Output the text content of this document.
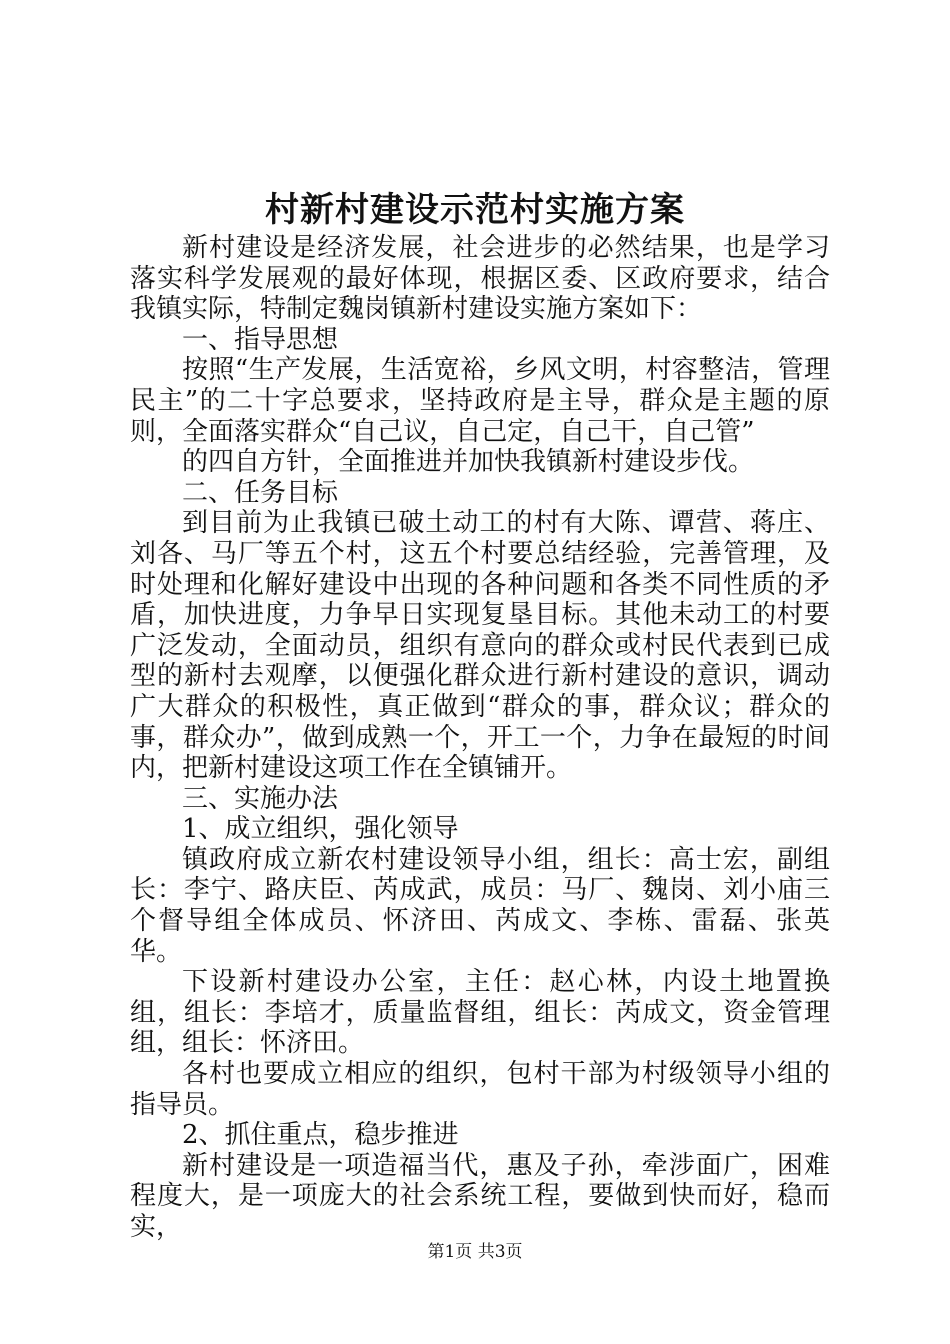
村新村建设示范村实施方案

新村建设是经济发展，社会进步的必然结果，也是学习落实科学发展观的最好体现，根据区委、区政府要求，结合我镇实际，特制定魏岗镇新村建设实施方案如下：

一、指导思想

按照“生产发展，生活宽裕，乡风文明，村容整洁，管理民主”的二十字总要求，坚持政府是主导，群众是主题的原则，全面落实群众“自己议，自己定，自己干，自己管”

的四自方针，全面推进并加快我镇新村建设步伐。

二、任务目标

到目前为止我镇已破土动工的村有大陈、谭营、蒋庄、刘各、马厂等五个村，这五个村要总结经验，完善管理，及时处理和化解好建设中出现的各种问题和各类不同性质的矛盾，加快进度，力争早日实现复垦目标。其他未动工的村要广泛发动，全面动员，组织有意向的群众或村民代表到已成型的新村去观摩，以便强化群众进行新村建设的意识，调动广大群众的积极性，真正做到“群众的事，群众议；群众的事，群众办”，做到成熟一个，开工一个，力争在最短的时间内，把新村建设这项工作在全镇铺开。

三、实施办法

1、成立组织，强化领导

镇政府成立新农村建设领导小组，组长：高士宏，副组长：李宁、路庆臣、芮成武，成员：马厂、魏岗、刘小庙三个督导组全体成员、怀济田、芮成文、李栋、雷磊、张英华。

下设新村建设办公室，主任：赵心林，内设土地置换组，组长：李培才，质量监督组，组长：芮成文，资金管理组，组长：怀济田。

各村也要成立相应的组织，包村干部为村级领导小组的指导员。

2、抓住重点，稳步推进

新村建设是一项造福当代，惠及子孙，牵涉面广，困难程度大，是一项庞大的社会系统工程，要做到快而好，稳而实，

第1页 共3页
